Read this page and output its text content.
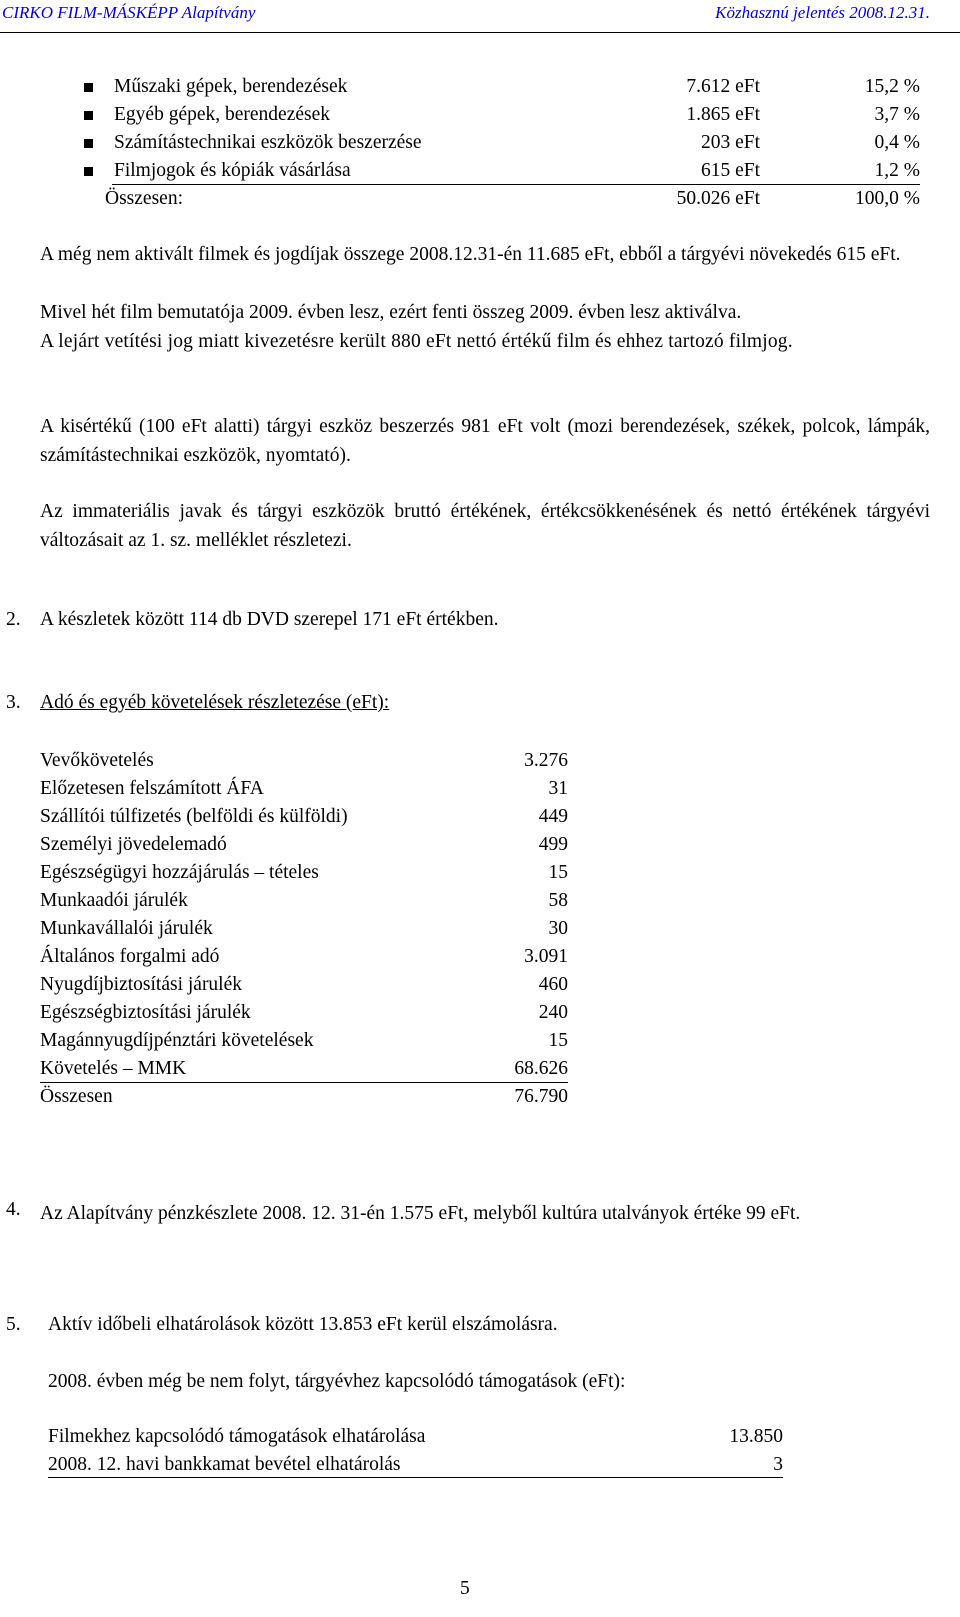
CIRKO FILM-MÁSKÉPP Alapítvány	Közhasznú jelentés 2008.12.31.
Műszaki gépek, berendezések	7.612 eFt	15,2 %
Egyéb gépek, berendezések	1.865 eFt	3,7 %
Számítástechnikai eszközök beszerzése	203 eFt	0,4 %
Filmjogok és kópiák vásárlása	615 eFt	1,2 %
Összesen:	50.026 eFt	100,0 %
A még nem aktivált filmek és jogdíjak összege 2008.12.31-én 11.685 eFt, ebből a tárgyévi növekedés 615 eFt.
Mivel hét film bemutatója 2009. évben lesz, ezért fenti összeg 2009. évben lesz aktiválva.
A lejárt vetítési jog miatt kivezetésre került 880 eFt nettó értékű film és ehhez tartozó filmjog.
A kisértékű (100 eFt alatti) tárgyi eszköz beszerzés 981 eFt volt (mozi berendezések, székek, polcok, lámpák, számítástechnikai eszközök, nyomtató).
Az immateriális javak és tárgyi eszközök bruttó értékének, értékcsökkenésének és nettó értékének tárgyévi változásait az 1. sz. melléklet részletezi.
2. A készletek között 114 db DVD szerepel 171 eFt értékben.
3. Adó és egyéb követelések részletezése (eFt):
Vevőkövetelés	3.276
Előzetesen felszámított ÁFA	31
Szállítói túlfizetés (belföldi és külföldi)	449
Személyi jövedelemadó	499
Egészségügyi hozzájárulás – tételes	15
Munkaadói járulék	58
Munkavállalói járulék	30
Általános forgalmi adó	3.091
Nyugdíjbiztosítási járulék	460
Egészségbiztosítási járulék	240
Magánnyugdíjpénztári követelések	15
Követelés – MMK	68.626
Összesen	76.790
4. Az Alapítvány pénzkészlete 2008. 12. 31-én 1.575 eFt, melyből kultúra utalványok értéke 99 eFt.
5. Aktív időbeli elhatárolások között 13.853 eFt kerül elszámolásra.
2008. évben még be nem folyt, tárgyévhez kapcsolódó támogatások (eFt):
Filmekhez kapcsolódó támogatások elhatárolása	13.850
2008. 12. havi bankkamat bevétel elhatárolás	3
5
